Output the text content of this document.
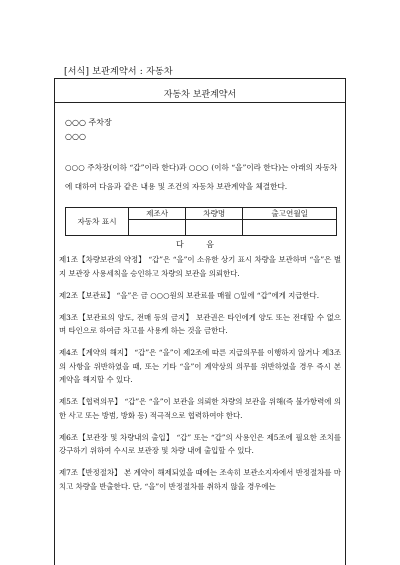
[서식] 보관계약서 : 자동차
자동차 보관계약서
○○○ 주차장
○○○
○○○ 주차장(이하 “갑”이라 한다)과 ○○○ (이하 “을”이라 한다)는 아래의 자동차에 대하여 다음과 같은 내용 및 조건의 자동차 보관계약을 체결한다.
자동차 표시	제조사	차량명	출고연월일

다 음

제1조【차량보관의 약정】 “갑”은 “을”이 소유한 상기 표시 차량을 보관하며 “을”은 별지 보관장 사용세칙을 승인하고 차량의 보관을 의뢰한다.

제2조【보관료】 “을”은 금 ○○○원의 보관료를 매월 ○일에 “갑”에게 지급한다.

제3조【보관료의 양도, 전매 등의 금지】 보관권은 타인에게 양도 또는 전대할 수 없으며 타인으로 하여금 차고를 사용케 하는 것을 금한다.

제4조【계약의 해지】 “갑”은 “을”이 제2조에 따른 지급의무를 이행하지 않거나 제3조의 사항을 위반하였을 때, 또는 기타 “을”이 계약상의 의무를 위반하였을 경우 즉시 본 계약을 해지할 수 있다.

제5조【협력의무】 “갑”은 “을”이 보관을 의뢰한 차량의 보관을 위해(즉 불가항력에 의한 사고 또는 방범, 방화 등) 적극적으로 협력하여야 한다.

제6조【보관장 및 차량내의 출입】 “갑” 또는 “갑”의 사용인은 제5조에 필요한 조치를 강구하기 위하여 수시로 보관장 및 차량 내에 출입할 수 있다.

제7조【반정절차】 본 계약이 해제되었을 때에는 조속히 보관소지자에서 반정절차를 마치고 차량을 반출한다. 단, “을”이 반정절차를 취하지 않을 경우에는
